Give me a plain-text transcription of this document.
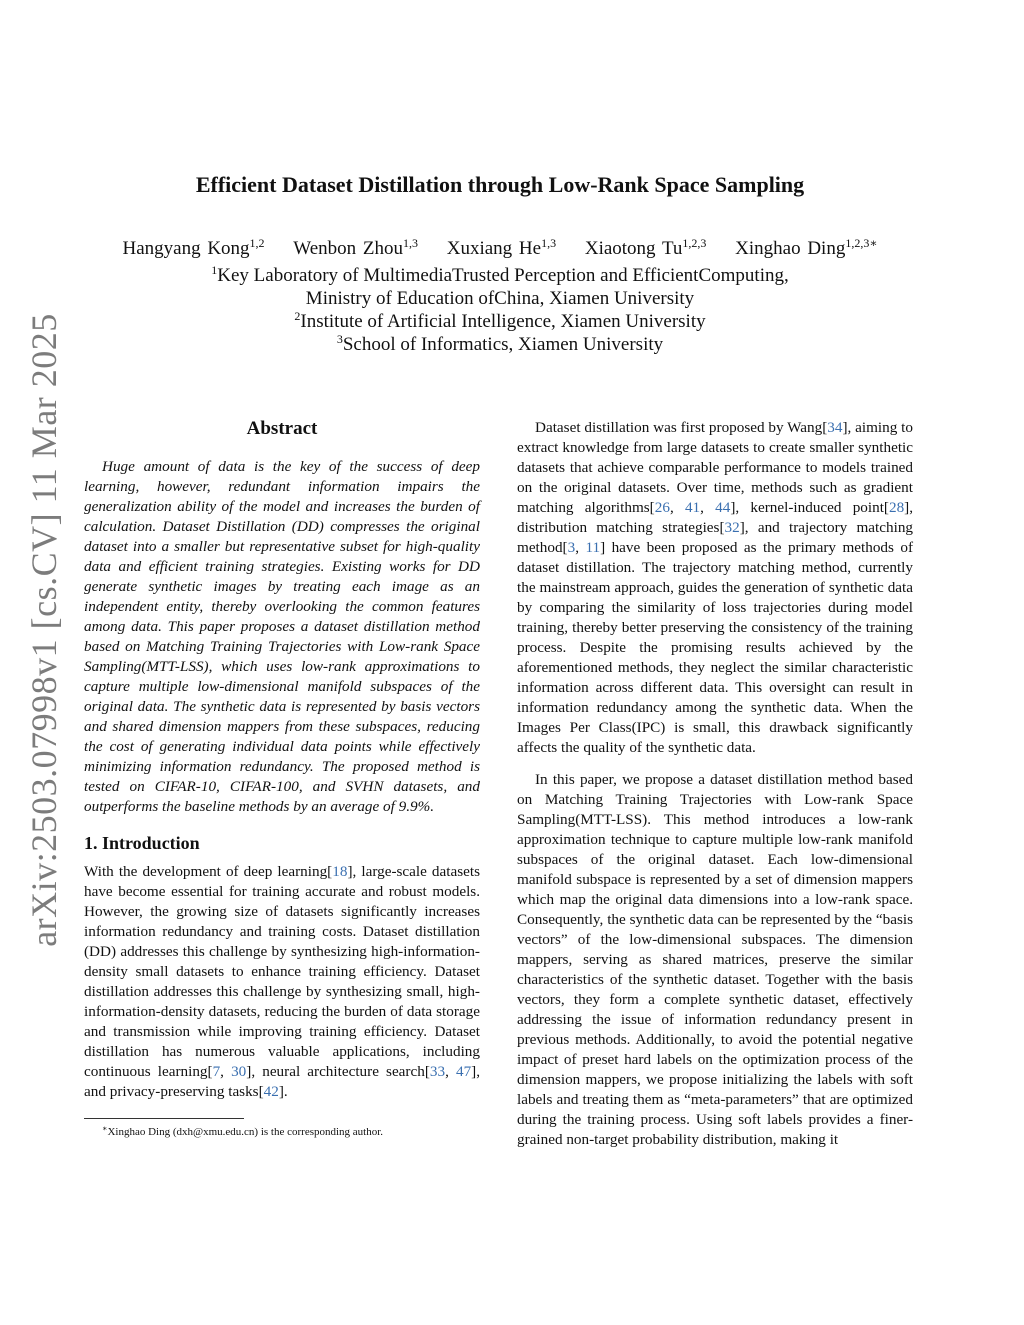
arXiv:2503.07998v1 [cs.CV] 11 Mar 2025
Efficient Dataset Distillation through Low-Rank Space Sampling
Hangyang Kong$^{1,2}$ Wenbon Zhou$^{1,3}$ Xuxiang He$^{1,3}$ Xiaotong Tu$^{1,2,3}$ Xinghao Ding$^{1,2,3∗}$
$^1$Key Laboratory of MultimediaTrusted Perception and EfficientComputing,
Ministry of Education ofChina, Xiamen University
$^2$Institute of Artificial Intelligence, Xiamen University
$^3$School of Informatics, Xiamen University
Abstract

Huge amount of data is the key of the success of deep learning, however, redundant information impairs the generalization ability of the model and increases the burden of calculation. Dataset Distillation (DD) compresses the original dataset into a smaller but representative subset for high-quality data and efficient training strategies. Existing works for DD generate synthetic images by treating each image as an independent entity, thereby overlooking the common features among data. This paper proposes a dataset distillation method based on Matching Training Trajectories with Low-rank Space Sampling(MTT-LSS), which uses low-rank approximations to capture multiple low-dimensional manifold subspaces of the original data. The synthetic data is represented by basis vectors and shared dimension mappers from these subspaces, reducing the cost of generating individual data points while effectively minimizing information redundancy. The proposed method is tested on CIFAR-10, CIFAR-100, and SVHN datasets, and outperforms the baseline methods by an average of 9.9%.

1. Introduction

With the development of deep learning[18], large-scale datasets have become essential for training accurate and robust models. However, the growing size of datasets significantly increases information redundancy and training costs. Dataset distillation (DD) addresses this challenge by synthesizing high-information-density small datasets to enhance training efficiency. Dataset distillation addresses this challenge by synthesizing small, high-information-density datasets, reducing the burden of data storage and transmission while improving training efficiency. Dataset distillation has numerous valuable applications, including continuous learning[7, 30], neural architecture search[33, 47], and privacy-preserving tasks[42].

∗Xinghao Ding (dxh@xmu.edu.cn) is the corresponding author.

Dataset distillation was first proposed by Wang[34], aiming to extract knowledge from large datasets to create smaller synthetic datasets that achieve comparable performance to models trained on the original datasets. Over time, methods such as gradient matching algorithms[26, 41, 44], kernel-induced point[28], distribution matching strategies[32], and trajectory matching method[3, 11] have been proposed as the primary methods of dataset distillation. The trajectory matching method, currently the mainstream approach, guides the generation of synthetic data by comparing the similarity of loss trajectories during model training, thereby better preserving the consistency of the training process. Despite the promising results achieved by the aforementioned methods, they neglect the similar characteristic information across different data. This oversight can result in information redundancy among the synthetic data. When the Images Per Class(IPC) is small, this drawback significantly affects the quality of the synthetic data.

In this paper, we propose a dataset distillation method based on Matching Training Trajectories with Low-rank Space Sampling(MTT-LSS). This method introduces a low-rank approximation technique to capture multiple low-rank manifold subspaces of the original dataset. Each low-dimensional manifold subspace is represented by a set of dimension mappers which map the original data dimensions into a low-rank space. Consequently, the synthetic data can be represented by the “basis vectors” of the low-dimensional subspaces. The dimension mappers, serving as shared matrices, preserve the similar characteristics of the synthetic dataset. Together with the basis vectors, they form a complete synthetic dataset, effectively addressing the issue of information redundancy present in previous methods. Additionally, to avoid the potential negative impact of preset hard labels on the optimization process of the dimension mappers, we propose initializing the labels with soft labels and treating them as “meta-parameters” that are optimized during the training process. Using soft labels provides a finer-grained non-target probability distribution, making it
